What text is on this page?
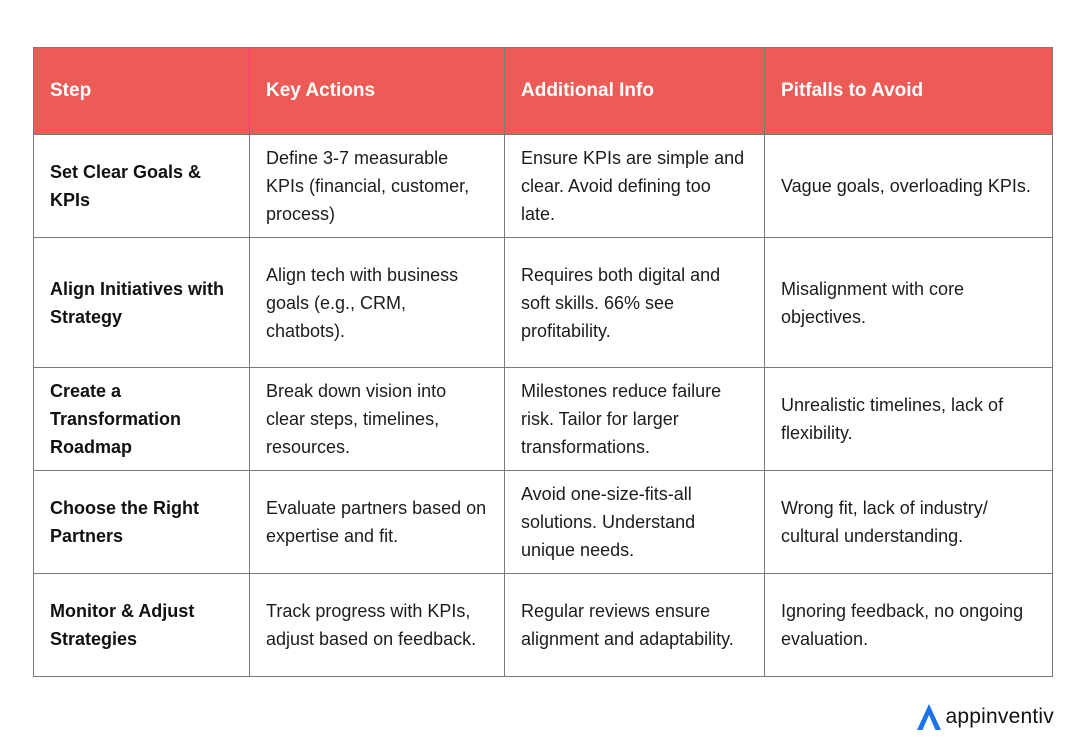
Step	Key Actions	Additional Info	Pitfalls to Avoid
Set Clear Goals & KPIs	Define 3-7 measurable KPIs (financial, customer, process)	Ensure KPIs are simple and clear. Avoid defining too late.	Vague goals, overloading KPIs.
Align Initiatives with Strategy	Align tech with business goals (e.g., CRM, chatbots).	Requires both digital and soft skills. 66% see profitability.	Misalignment with core objectives.
Create a Transformation Roadmap	Break down vision into clear steps, timelines, resources.	Milestones reduce failure risk. Tailor for larger transformations.	Unrealistic timelines, lack of flexibility.
Choose the Right Partners	Evaluate partners based on expertise and fit.	Avoid one-size-fits-all solutions. Understand unique needs.	Wrong fit, lack of industry/ cultural understanding.
Monitor & Adjust Strategies	Track progress with KPIs, adjust based on feedback.	Regular reviews ensure alignment and adaptability.	Ignoring feedback, no ongoing evaluation.
appinventiv
